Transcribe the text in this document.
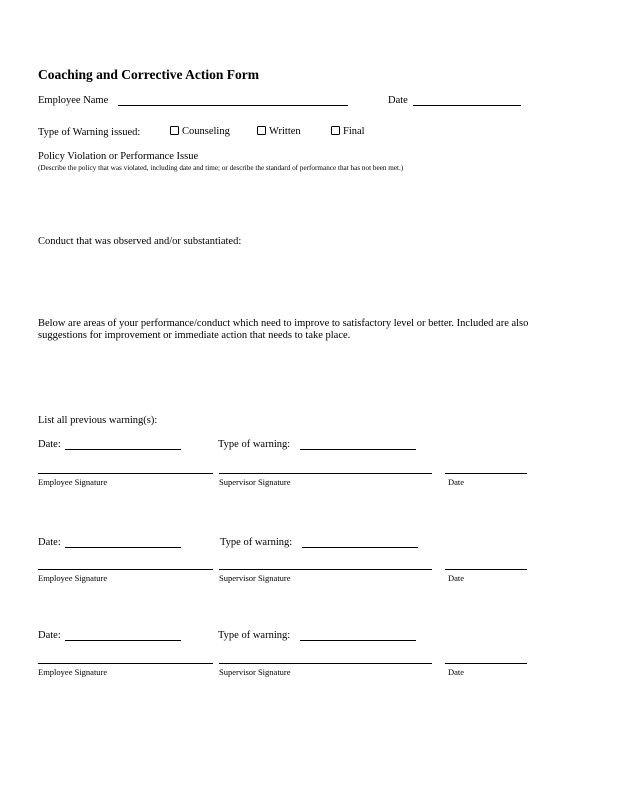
Coaching and Corrective Action Form
Employee Name	Date
Type of Warning issued:	Counseling	Written	Final
Policy Violation or Performance Issue
(Describe the policy that was violated, including date and time; or describe the standard of performance that has not been met.)
Conduct that was observed and/or substantiated:
Below are areas of your performance/conduct which need to improve to satisfactory level or better. Included are also
suggestions for improvement or immediate action that needs to take place.
List all previous warning(s):
Date:	Type of warning:
Employee Signature	Supervisor Signature	Date
Date:	Type of warning:
Employee Signature	Supervisor Signature	Date
Date:	Type of warning:
Employee Signature	Supervisor Signature	Date
